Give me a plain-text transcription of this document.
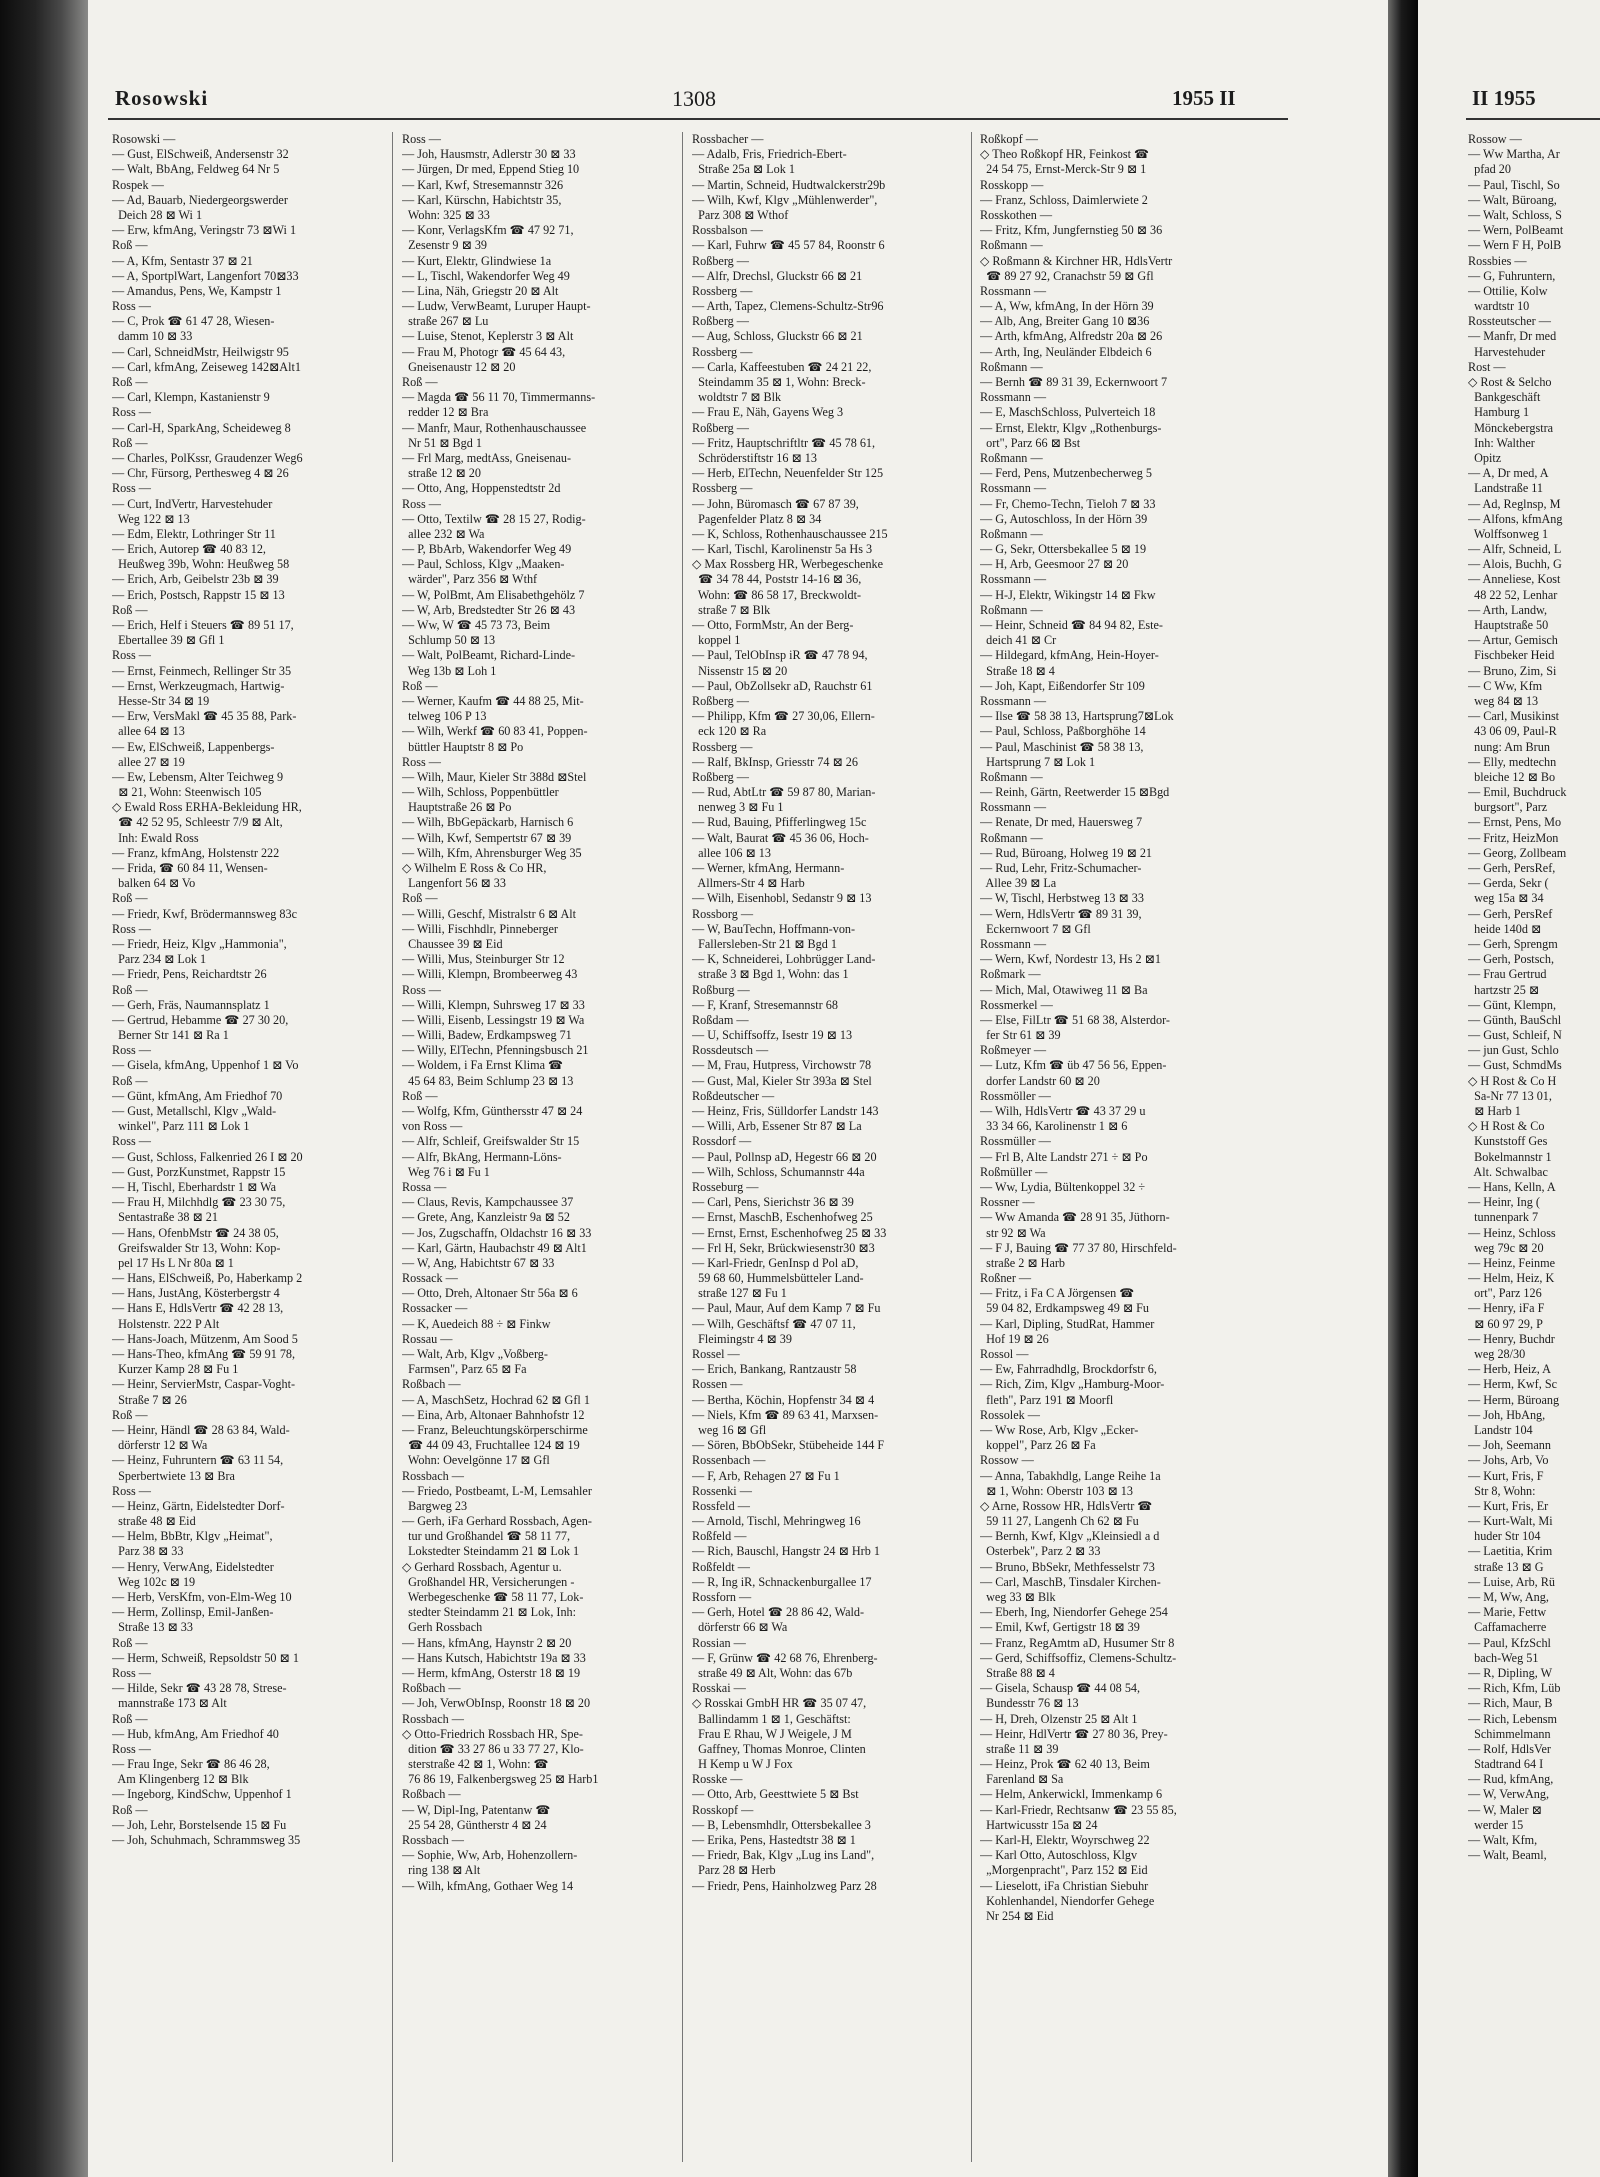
Rosowski	1308	1955 II
Rosowski —
— Gust, ElSchweiß, Andersenstr 32
— Walt, BbAng, Feldweg 64 Nr 5
Rospek —
— Ad, Bauarb, Niedergeorgswerder
Deich 28 ⊠ Wi 1
— Erw, kfmAng, Veringstr 73 ⊠Wi 1
Roß —
— A, Kfm, Sentastr 37 ⊠ 21
— A, SportplWart, Langenfort 70⊠33
— Amandus, Pens, We, Kampstr 1
Ross —
— C, Prok ☎ 61 47 28, Wiesen-
damm 10 ⊠ 33
— Carl, SchneidMstr, Heilwigstr 95
— Carl, kfmAng, Zeiseweg 142⊠Alt1
Roß —
— Carl, Klempn, Kastanienstr 9
Ross —
— Carl-H, SparkAng, Scheideweg 8
Roß —
— Charles, PolKssr, Graudenzer Weg6
— Chr, Fürsorg, Perthesweg 4 ⊠ 26
Ross —
— Curt, IndVertr, Harvestehuder
Weg 122 ⊠ 13
— Edm, Elektr, Lothringer Str 11
— Erich, Autorep ☎ 40 83 12,
Heußweg 39b, Wohn: Heußweg 58
— Erich, Arb, Geibelstr 23b ⊠ 39
— Erich, Postsch, Rappstr 15 ⊠ 13
Roß —
— Erich, Helf i Steuers ☎ 89 51 17,
Ebertallee 39 ⊠ Gfl 1
Ross —
— Ernst, Feinmech, Rellinger Str 35
— Ernst, Werkzeugmach, Hartwig-
Hesse-Str 34 ⊠ 19
— Erw, VersMakl ☎ 45 35 88, Park-
allee 64 ⊠ 13
— Ew, ElSchweiß, Lappenbergs-
allee 27 ⊠ 19
— Ew, Lebensm, Alter Teichweg 9
⊠ 21, Wohn: Steenwisch 105
◇ Ewald Ross ERHA-Bekleidung HR,
☎ 42 52 95, Schleestr 7/9 ⊠ Alt,
Inh: Ewald Ross
— Franz, kfmAng, Holstenstr 222
— Frida, ☎ 60 84 11, Wensen-
balken 64 ⊠ Vo
Roß —
— Friedr, Kwf, Brödermannsweg 83c
Ross —
— Friedr, Heiz, Klgv „Hammonia",
Parz 234 ⊠ Lok 1
— Friedr, Pens, Reichardtstr 26
Roß —
— Gerh, Fräs, Naumannsplatz 1
— Gertrud, Hebamme ☎ 27 30 20,
Berner Str 141 ⊠ Ra 1
Ross —
— Gisela, kfmAng, Uppenhof 1 ⊠ Vo
Roß —
— Günt, kfmAng, Am Friedhof 70
— Gust, Metallschl, Klgv „Wald-
winkel", Parz 111 ⊠ Lok 1
Ross —
— Gust, Schloss, Falkenried 26 I ⊠ 20
— Gust, PorzKunstmet, Rappstr 15
— H, Tischl, Eberhardstr 1 ⊠ Wa
— Frau H, Milchhdlg ☎ 23 30 75,
Sentastraße 38 ⊠ 21
— Hans, OfenbMstr ☎ 24 38 05,
Greifswalder Str 13, Wohn: Kop-
pel 17 Hs L Nr 80a ⊠ 1
— Hans, ElSchweiß, Po, Haberkamp 2
— Hans, JustAng, Kösterbergstr 4
— Hans E, HdlsVertr ☎ 42 28 13,
Holstenstr. 222 P Alt
— Hans-Joach, Mützenm, Am Sood 5
— Hans-Theo, kfmAng ☎ 59 91 78,
Kurzer Kamp 28 ⊠ Fu 1
— Heinr, ServierMstr, Caspar-Voght-
Straße 7 ⊠ 26
Roß —
— Heinr, Händl ☎ 28 63 84, Wald-
dörferstr 12 ⊠ Wa
— Heinz, Fuhruntern ☎ 63 11 54,
Sperbertwiete 13 ⊠ Bra
Ross —
— Heinz, Gärtn, Eidelstedter Dorf-
straße 48 ⊠ Eid
— Helm, BbBtr, Klgv „Heimat",
Parz 38 ⊠ 33
— Henry, VerwAng, Eidelstedter
Weg 102c ⊠ 19
— Herb, VersKfm, von-Elm-Weg 10
— Herm, Zollinsp, Emil-Janßen-
Straße 13 ⊠ 33
Roß —
— Herm, Schweiß, Repsoldstr 50 ⊠ 1
Ross —
— Hilde, Sekr ☎ 43 28 78, Strese-
mannstraße 173 ⊠ Alt
Roß —
— Hub, kfmAng, Am Friedhof 40
Ross —
— Frau Inge, Sekr ☎ 86 46 28,
Am Klingenberg 12 ⊠ Blk
— Ingeborg, KindSchw, Uppenhof 1
Roß —
— Joh, Lehr, Borstelsende 15 ⊠ Fu
— Joh, Schuhmach, Schrammsweg 35
Ross —
— Joh, Hausmstr, Adlerstr 30 ⊠ 33
— Jürgen, Dr med, Eppend Stieg 10
— Karl, Kwf, Stresemannstr 326
— Karl, Kürschn, Habichtstr 35,
Wohn: 325 ⊠ 33
— Konr, VerlagsKfm ☎ 47 92 71,
Zesenstr 9 ⊠ 39
— Kurt, Elektr, Glindwiese 1a
— L, Tischl, Wakendorfer Weg 49
— Lina, Näh, Griegstr 20 ⊠ Alt
— Ludw, VerwBeamt, Luruper Haupt-
straße 267 ⊠ Lu
— Luise, Stenot, Keplerstr 3 ⊠ Alt
— Frau M, Photogr ☎ 45 64 43,
Gneisenaustr 12 ⊠ 20
Roß —
— Magda ☎ 56 11 70, Timmermanns-
redder 12 ⊠ Bra
— Manfr, Maur, Rothenhauschaussee
Nr 51 ⊠ Bgd 1
— Frl Marg, medtAss, Gneisenau-
straße 12 ⊠ 20
— Otto, Ang, Hoppenstedtstr 2d
Ross —
— Otto, Textilw ☎ 28 15 27, Rodig-
allee 232 ⊠ Wa
— P, BbArb, Wakendorfer Weg 49
— Paul, Schloss, Klgv „Maaken-
wärder", Parz 356 ⊠ Wthf
— W, PolBmt, Am Elisabethgehölz 7
— W, Arb, Bredstedter Str 26 ⊠ 43
— Ww, W ☎ 45 73 73, Beim
Schlump 50 ⊠ 13
— Walt, PolBeamt, Richard-Linde-
Weg 13b ⊠ Loh 1
Roß —
— Werner, Kaufm ☎ 44 88 25, Mit-
telweg 106 P 13
— Wilh, Werkf ☎ 60 83 41, Poppen-
büttler Hauptstr 8 ⊠ Po
Ross —
— Wilh, Maur, Kieler Str 388d ⊠Stel
— Wilh, Schloss, Poppenbüttler
Hauptstraße 26 ⊠ Po
— Wilh, BbGepäckarb, Harnisch 6
— Wilh, Kwf, Sempertstr 67 ⊠ 39
— Wilh, Kfm, Ahrensburger Weg 35
◇ Wilhelm E Ross & Co HR,
Langenfort 56 ⊠ 33
Roß —
— Willi, Geschf, Mistralstr 6 ⊠ Alt
— Willi, Fischhdlr, Pinneberger
Chaussee 39 ⊠ Eid
— Willi, Mus, Steinburger Str 12
— Willi, Klempn, Brombeerweg 43
Ross —
— Willi, Klempn, Suhrsweg 17 ⊠ 33
— Willi, Eisenb, Lessingstr 19 ⊠ Wa
— Willi, Badew, Erdkampsweg 71
— Willy, ElTechn, Pfenningsbusch 21
— Woldem, i Fa Ernst Klima ☎
45 64 83, Beim Schlump 23 ⊠ 13
Roß —
— Wolfg, Kfm, Günthersstr 47 ⊠ 24
von Ross —
— Alfr, Schleif, Greifswalder Str 15
— Alfr, BkAng, Hermann-Löns-
Weg 76 i ⊠ Fu 1
Rossa —
— Claus, Revis, Kampchaussee 37
— Grete, Ang, Kanzleistr 9a ⊠ 52
— Jos, Zugschaffn, Oldachstr 16 ⊠ 33
— Karl, Gärtn, Haubachstr 49 ⊠ Alt1
— W, Ang, Habichtstr 67 ⊠ 33
Rossack —
— Otto, Dreh, Altonaer Str 56a ⊠ 6
Rossacker —
— K, Auedeich 88 ÷ ⊠ Finkw
Rossau —
— Walt, Arb, Klgv „Voßberg-
Farmsen", Parz 65 ⊠ Fa
Roßbach —
— A, MaschSetz, Hochrad 62 ⊠ Gfl 1
— Eina, Arb, Altonaer Bahnhofstr 12
— Franz, Beleuchtungskörperschirme
☎ 44 09 43, Fruchtallee 124 ⊠ 19
Wohn: Oevelgönne 17 ⊠ Gfl
Rossbach —
— Friedo, Postbeamt, L-M, Lemsahler
Bargweg 23
— Gerh, iFa Gerhard Rossbach, Agen-
tur und Großhandel ☎ 58 11 77,
Lokstedter Steindamm 21 ⊠ Lok 1
◇ Gerhard Rossbach, Agentur u.
Großhandel HR, Versicherungen -
Werbegeschenke ☎ 58 11 77, Lok-
stedter Steindamm 21 ⊠ Lok, Inh:
Gerh Rossbach
— Hans, kfmAng, Haynstr 2 ⊠ 20
— Hans Kutsch, Habichtstr 19a ⊠ 33
— Herm, kfmAng, Osterstr 18 ⊠ 19
Roßbach —
— Joh, VerwObInsp, Roonstr 18 ⊠ 20
Rossbach —
◇ Otto-Friedrich Rossbach HR, Spe-
dition ☎ 33 27 86 u 33 77 27, Klo-
sterstraße 42 ⊠ 1, Wohn: ☎
76 86 19, Falkenbergsweg 25 ⊠ Harb1
Roßbach —
— W, Dipl-Ing, Patentanw ☎
25 54 28, Güntherstr 4 ⊠ 24
Rossbach —
— Sophie, Ww, Arb, Hohenzollern-
ring 138 ⊠ Alt
— Wilh, kfmAng, Gothaer Weg 14
Rossbacher —
— Adalb, Fris, Friedrich-Ebert-
Straße 25a ⊠ Lok 1
— Martin, Schneid, Hudtwalckerstr29b
— Wilh, Kwf, Klgv „Mühlenwerder",
Parz 308 ⊠ Wthof
Rossbalson —
— Karl, Fuhrw ☎ 45 57 84, Roonstr 6
Roßberg —
— Alfr, Drechsl, Gluckstr 66 ⊠ 21
Rossberg —
— Arth, Tapez, Clemens-Schultz-Str96
Roßberg —
— Aug, Schloss, Gluckstr 66 ⊠ 21
Rossberg —
— Carla, Kaffeestuben ☎ 24 21 22,
Steindamm 35 ⊠ 1, Wohn: Breck-
woldtstr 7 ⊠ Blk
— Frau E, Näh, Gayens Weg 3
Roßberg —
— Fritz, Hauptschriftltr ☎ 45 78 61,
Schröderstiftstr 16 ⊠ 13
— Herb, ElTechn, Neuenfelder Str 125
Rossberg —
— John, Büromasch ☎ 67 87 39,
Pagenfelder Platz 8 ⊠ 34
— K, Schloss, Rothenhauschaussee 215
— Karl, Tischl, Karolinenstr 5a Hs 3
◇ Max Rossberg HR, Werbegeschenke
☎ 34 78 44, Poststr 14-16 ⊠ 36,
Wohn: ☎ 86 58 17, Breckwoldt-
straße 7 ⊠ Blk
— Otto, FormMstr, An der Berg-
koppel 1
— Paul, TelObInsp iR ☎ 47 78 94,
Nissenstr 15 ⊠ 20
— Paul, ObZollsekr aD, Rauchstr 61
Roßberg —
— Philipp, Kfm ☎ 27 30,06, Ellern-
eck 120 ⊠ Ra
Rossberg —
— Ralf, BkInsp, Griesstr 74 ⊠ 26
Roßberg —
— Rud, AbtLtr ☎ 59 87 80, Marian-
nenweg 3 ⊠ Fu 1
— Rud, Bauing, Pfifferlingweg 15c
— Walt, Baurat ☎ 45 36 06, Hoch-
allee 106 ⊠ 13
— Werner, kfmAng, Hermann-
Allmers-Str 4 ⊠ Harb
— Wilh, Eisenhobl, Sedanstr 9 ⊠ 13
Rossborg —
— W, BauTechn, Hoffmann-von-
Fallersleben-Str 21 ⊠ Bgd 1
— K, Schneiderei, Lohbrügger Land-
straße 3 ⊠ Bgd 1, Wohn: das 1
Roßburg —
— F, Kranf, Stresemannstr 68
Roßdam —
— U, Schiffsoffz, Isestr 19 ⊠ 13
Rossdeutsch —
— M, Frau, Hutpress, Virchowstr 78
— Gust, Mal, Kieler Str 393a ⊠ Stel
Roßdeutscher —
— Heinz, Fris, Sülldorfer Landstr 143
— Willi, Arb, Essener Str 87 ⊠ La
Rossdorf —
— Paul, Pollnsp aD, Hegestr 66 ⊠ 20
— Wilh, Schloss, Schumannstr 44a
Rosseburg —
— Carl, Pens, Sierichstr 36 ⊠ 39
— Ernst, MaschB, Eschenhofweg 25
— Ernst, Ernst, Eschenhofweg 25 ⊠ 33
— Frl H, Sekr, Brückwiesenstr30 ⊠3
— Karl-Friedr, GenInsp d Pol aD,
59 68 60, Hummelsbütteler Land-
straße 127 ⊠ Fu 1
— Paul, Maur, Auf dem Kamp 7 ⊠ Fu
— Wilh, Geschäftsf ☎ 47 07 11,
Fleimingstr 4 ⊠ 39
Rossel —
— Erich, Bankang, Rantzaustr 58
Rossen —
— Bertha, Köchin, Hopfenstr 34 ⊠ 4
— Niels, Kfm ☎ 89 63 41, Marxsen-
weg 16 ⊠ Gfl
— Sören, BbObSekr, Stübeheide 144 F
Rossenbach —
— F, Arb, Rehagen 27 ⊠ Fu 1
Rossenki —
Rossfeld —
— Arnold, Tischl, Mehringweg 16
Roßfeld —
— Rich, Bauschl, Hangstr 24 ⊠ Hrb 1
Roßfeldt —
— R, Ing iR, Schnackenburgallee 17
Rossforn —
— Gerh, Hotel ☎ 28 86 42, Wald-
dörferstr 66 ⊠ Wa
Rossian —
— F, Grünw ☎ 42 68 76, Ehrenberg-
straße 49 ⊠ Alt, Wohn: das 67b
Rosskai —
◇ Rosskai GmbH HR ☎ 35 07 47,
Ballindamm 1 ⊠ 1, Geschäftst:
Frau E Rhau, W J Weigele, J M
Gaffney, Thomas Monroe, Clinten
H Kemp u W J Fox
Rosske —
— Otto, Arb, Geesttwiete 5 ⊠ Bst
Rosskopf —
— B, Lebensmhdlr, Ottersbekallee 3
— Erika, Pens, Hastedtstr 38 ⊠ 1
— Friedr, Bak, Klgv „Lug ins Land",
Parz 28 ⊠ Herb
— Friedr, Pens, Hainholzweg Parz 28
Roßkopf —
◇ Theo Roßkopf HR, Feinkost ☎
24 54 75, Ernst-Merck-Str 9 ⊠ 1
Rosskopp —
— Franz, Schloss, Daimlerwiete 2
Rosskothen —
— Fritz, Kfm, Jungfernstieg 50 ⊠ 36
Roßmann —
◇ Roßmann & Kirchner HR, HdlsVertr
☎ 89 27 92, Cranachstr 59 ⊠ Gfl
Rossmann —
— A, Ww, kfmAng, In der Hörn 39
— Alb, Ang, Breiter Gang 10 ⊠36
— Arth, kfmAng, Alfredstr 20a ⊠ 26
— Arth, Ing, Neuländer Elbdeich 6
Roßmann —
— Bernh ☎ 89 31 39, Eckernwoort 7
Rossmann —
— E, MaschSchloss, Pulverteich 18
— Ernst, Elektr, Klgv „Rothenburgs-
ort", Parz 66 ⊠ Bst
Roßmann —
— Ferd, Pens, Mutzenbecherweg 5
Rossmann —
— Fr, Chemo-Techn, Tieloh 7 ⊠ 33
— G, Autoschloss, In der Hörn 39
Roßmann —
— G, Sekr, Ottersbekallee 5 ⊠ 19
— H, Arb, Geesmoor 27 ⊠ 20
Rossmann —
— H-J, Elektr, Wikingstr 14 ⊠ Fkw
Roßmann —
— Heinr, Schneid ☎ 84 94 82, Este-
deich 41 ⊠ Cr
— Hildegard, kfmAng, Hein-Hoyer-
Straße 18 ⊠ 4
— Joh, Kapt, Eißendorfer Str 109
Rossmann —
— Ilse ☎ 58 38 13, Hartsprung7⊠Lok
— Paul, Schloss, Paßborghöhe 14
— Paul, Maschinist ☎ 58 38 13,
Hartsprung 7 ⊠ Lok 1
Roßmann —
— Reinh, Gärtn, Reetwerder 15 ⊠Bgd
Rossmann —
— Renate, Dr med, Hauersweg 7
Roßmann —
— Rud, Büroang, Holweg 19 ⊠ 21
— Rud, Lehr, Fritz-Schumacher-
Allee 39 ⊠ La
— W, Tischl, Herbstweg 13 ⊠ 33
— Wern, HdlsVertr ☎ 89 31 39,
Eckernwoort 7 ⊠ Gfl
Rossmann —
— Wern, Kwf, Nordestr 13, Hs 2 ⊠1
Roßmark —
— Mich, Mal, Otawiweg 11 ⊠ Ba
Rossmerkel —
— Else, FilLtr ☎ 51 68 38, Alsterdor-
fer Str 61 ⊠ 39
Roßmeyer —
— Lutz, Kfm ☎ üb 47 56 56, Eppen-
dorfer Landstr 60 ⊠ 20
Rossmöller —
— Wilh, HdlsVertr ☎ 43 37 29 u
33 34 66, Karolinenstr 1 ⊠ 6
Rossmüller —
— Frl B, Alte Landstr 271 ÷ ⊠ Po
Roßmüller —
— Ww, Lydia, Bültenkoppel 32 ÷
Rossner —
— Ww Amanda ☎ 28 91 35, Jüthorn-
str 92 ⊠ Wa
— F J, Bauing ☎ 77 37 80, Hirschfeld-
straße 2 ⊠ Harb
Roßner —
— Fritz, i Fa C A Jörgensen ☎
59 04 82, Erdkampsweg 49 ⊠ Fu
— Karl, Dipling, StudRat, Hammer
Hof 19 ⊠ 26
Rossol —
— Ew, Fahrradhdlg, Brockdorfstr 6,
— Rich, Zim, Klgv „Hamburg-Moor-
fleth", Parz 191 ⊠ Moorfl
Rossolek —
— Ww Rose, Arb, Klgv „Ecker-
koppel", Parz 26 ⊠ Fa
Rossow —
— Anna, Tabakhdlg, Lange Reihe 1a
⊠ 1, Wohn: Oberstr 103 ⊠ 13
◇ Arne, Rossow HR, HdlsVertr ☎
59 11 27, Langenh Ch 62 ⊠ Fu
— Bernh, Kwf, Klgv „Kleinsiedl a d
Osterbek", Parz 2 ⊠ 33
— Bruno, BbSekr, Methfesselstr 73
— Carl, MaschB, Tinsdaler Kirchen-
weg 33 ⊠ Blk
— Eberh, Ing, Niendorfer Gehege 254
— Emil, Kwf, Gertigstr 18 ⊠ 39
— Franz, RegAmtm aD, Husumer Str 8
— Gerd, Schiffsoffiz, Clemens-Schultz-
Straße 88 ⊠ 4
— Gisela, Schausp ☎ 44 08 54,
Bundesstr 76 ⊠ 13
— H, Dreh, Olzenstr 25 ⊠ Alt 1
— Heinr, HdlVertr ☎ 27 80 36, Prey-
straße 11 ⊠ 39
— Heinz, Prok ☎ 62 40 13, Beim
Farenland ⊠ Sa
— Helm, Ankerwickl, Immenkamp 6
— Karl-Friedr, Rechtsanw ☎ 23 55 85,
Hartwicusstr 15a ⊠ 24
— Karl-H, Elektr, Woyrschweg 22
— Karl Otto, Autoschloss, Klgv
„Morgenpracht", Parz 152 ⊠ Eid
— Lieselott, iFa Christian Siebuhr
Kohlenhandel, Niendorfer Gehege
Nr 254 ⊠ Eid
II 1955
Rossow —
— Ww Martha, Ar
pfad 20
— Paul, Tischl, So
— Walt, Büroang,
— Walt, Schloss, S
— Wern, PolBeamt
— Wern F H, PolB
Rossbies —
— G, Fuhruntern,
— Ottilie, Kolw
wardtstr 10
Rossteutscher —
— Manfr, Dr med
Harvestehuder
Rost —
◇ Rost & Selcho
Bankgeschäft
Hamburg 1
Mönckebergstra
Inh: Walther
Opitz
— A, Dr med, A
Landstraße 11
— Ad, Reglnsp, M
— Alfons, kfmAng
Wolffsonweg 1
— Alfr, Schneid, L
— Alois, Buchh, G
— Anneliese, Kost
48 22 52, Lenhar
— Arth, Landw,
Hauptstraße 50
— Artur, Gemisch
Fischbeker Heid
— Bruno, Zim, Si
— C Ww, Kfm
weg 84 ⊠ 13
— Carl, Musikinst
43 06 09, Paul-R
nung: Am Brun
— Elly, medtechn
bleiche 12 ⊠ Bo
— Emil, Buchdruck
burgsort", Parz
— Ernst, Pens, Mo
— Fritz, HeizMon
— Georg, Zollbeam
— Gerh, PersRef,
— Gerda, Sekr (
weg 15a ⊠ 34
— Gerh, PersRef
heide 140d ⊠
— Gerh, Sprengm
— Gerh, Postsch,
— Frau Gertrud
hartzstr 25 ⊠
— Günt, Klempn,
— Günth, BauSchl
— Gust, Schleif, N
— jun Gust, Schlo
— Gust, SchmdMs
◇ H Rost & Co H
Sa-Nr 77 13 01,
⊠ Harb 1
◇ H Rost & Co
Kunststoff Ges
Bokelmannstr 1
Alt. Schwalbac
— Hans, Kelln, A
— Heinr, Ing (
tunnenpark 7
— Heinz, Schloss
weg 79c ⊠ 20
— Heinz, Feinme
— Helm, Heiz, K
ort", Parz 126
— Henry, iFa F
⊠ 60 97 29, P
— Henry, Buchdr
weg 28/30
— Herb, Heiz, A
— Herm, Kwf, Sc
— Herm, Büroang
— Joh, HbAng,
Landstr 104
— Joh, Seemann
— Johs, Arb, Vo
— Kurt, Fris, F
Str 8, Wohn:
— Kurt, Fris, Er
— Kurt-Walt, Mi
huder Str 104
— Laetitia, Krim
straße 13 ⊠ G
— Luise, Arb, Rü
— M, Ww, Ang,
— Marie, Fettw
Caffamacherre
— Paul, KfzSchl
bach-Weg 51
— R, Dipling, W
— Rich, Kfm, Lüb
— Rich, Maur, B
— Rich, Lebensm
Schimmelmann
— Rolf, HdlsVer
Stadtrand 64 I
— Rud, kfmAng,
— W, VerwAng,
— W, Maler ⊠
werder 15
— Walt, Kfm,
— Walt, Beaml,
